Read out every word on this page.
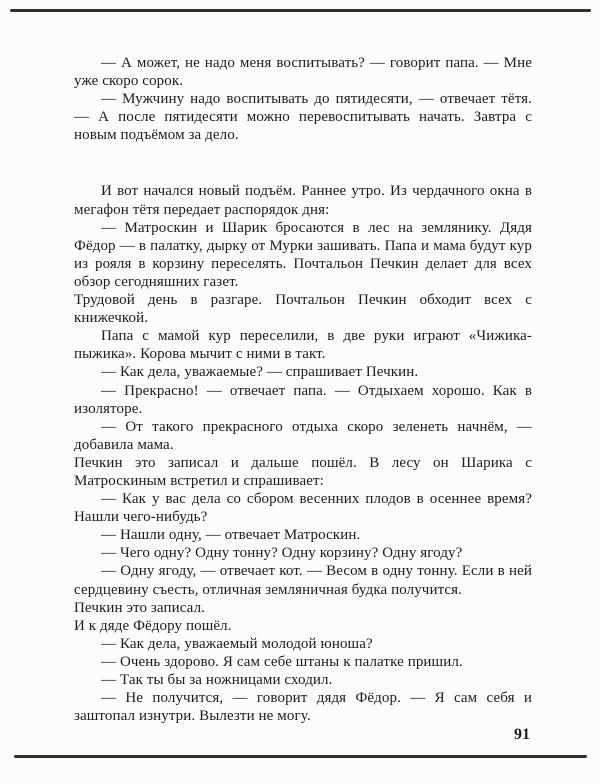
— А может, не надо меня воспитывать? — говорит папа. — Мне уже скоро сорок.

— Мужчину надо воспитывать до пятидесяти, — отвечает тётя. — А после пятидесяти можно перевоспитывать начать. Завтра с новым подъёмом за дело.

И вот начался новый подъём. Раннее утро. Из чердачного окна в мегафон тётя передает распорядок дня:

— Матроскин и Шарик бросаются в лес на землянику. Дядя Фёдор — в палатку, дырку от Мурки зашивать. Папа и мама будут кур из рояля в корзину переселять. Почтальон Печкин делает для всех обзор сегодняшних газет.

Трудовой день в разгаре. Почтальон Печкин обходит всех с книжечкой.

Папа с мамой кур переселили, в две руки играют «Чижика-пыжика». Корова мычит с ними в такт.

— Как дела, уважаемые? — спрашивает Печкин.

— Прекрасно! — отвечает папа. — Отдыхаем хорошо. Как в изоляторе.

— От такого прекрасного отдыха скоро зеленеть начнём, — добавила мама.

Печкин это записал и дальше пошёл. В лесу он Шарика с Матроскиным встретил и спрашивает:

— Как у вас дела со сбором весенних плодов в осеннее время? Нашли чего-нибудь?

— Нашли одну, — отвечает Матроскин.

— Чего одну? Одну тонну? Одну корзину? Одну ягоду?

— Одну ягоду, — отвечает кот. — Весом в одну тонну. Если в ней сердцевину съесть, отличная земляничная будка получится.

Печкин это записал.

И к дяде Фёдору пошёл.

— Как дела, уважаемый молодой юноша?

— Очень здорово. Я сам себе штаны к палатке пришил.

— Так ты бы за ножницами сходил.

— Не получится, — говорит дядя Фёдор. — Я сам себя и заштопал изнутри. Вылезти не могу.

91
